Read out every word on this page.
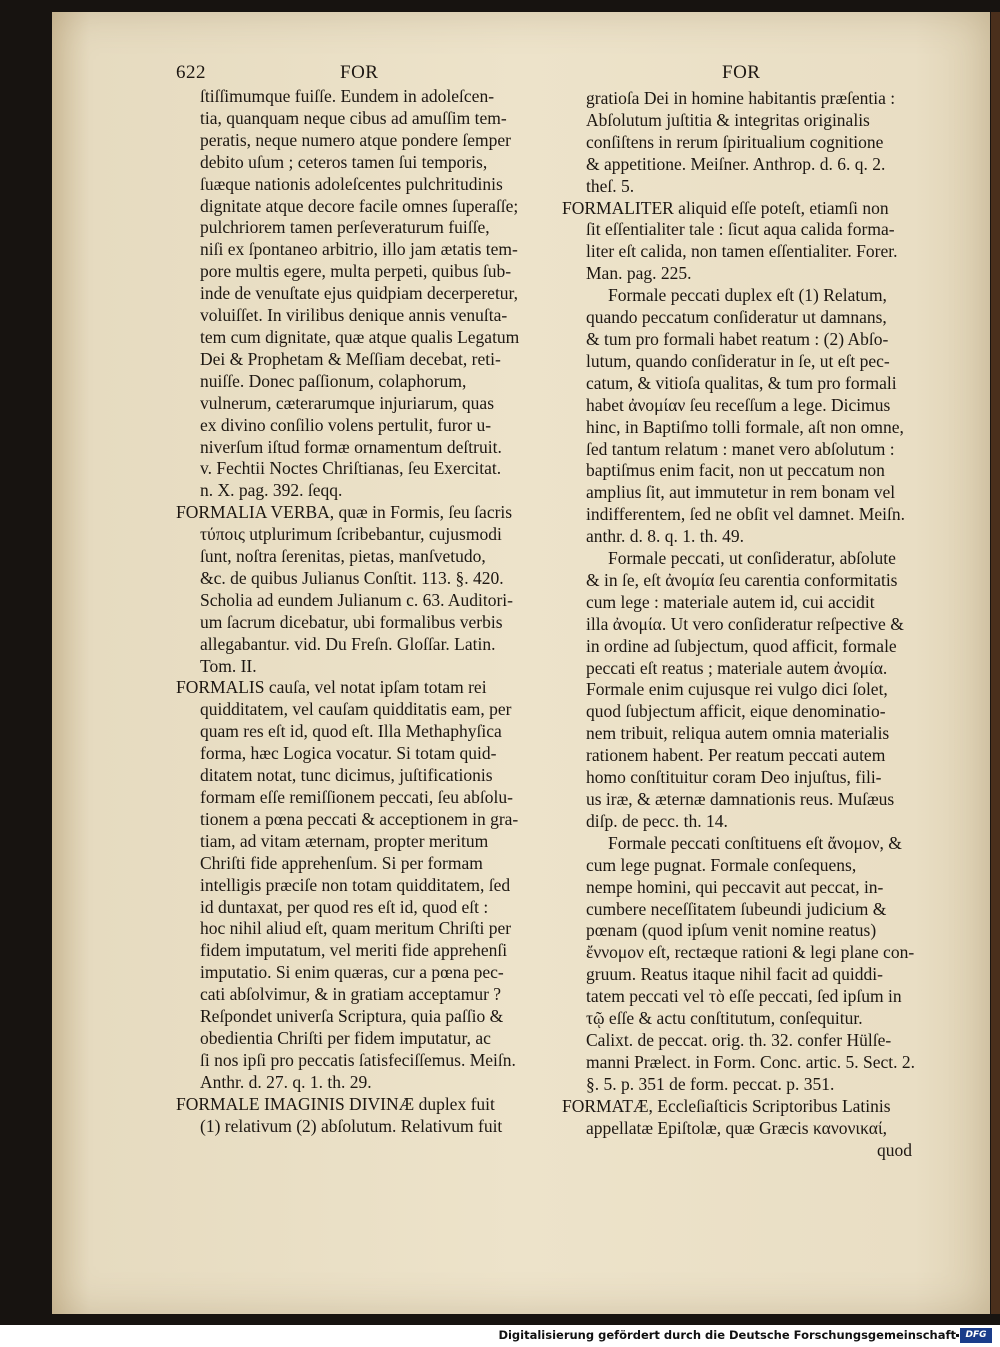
622	FOR	FOR
ſtiſſimumque fuiſſe. Eundem in adoleſcen-
tia, quanquam neque cibus ad amuſſim tem-
peratis, neque numero atque pondere ſemper
debito uſum ; ceteros tamen ſui temporis,
ſuæque nationis adoleſcentes pulchritudinis
dignitate atque decore facile omnes ſuperaſſe;
pulchriorem tamen perſeveraturum fuiſſe,
niſi ex ſpontaneo arbitrio, illo jam ætatis tem-
pore multis egere, multa perpeti, quibus ſub-
inde de venuſtate ejus quidpiam decerperetur,
voluiſſet. In virilibus denique annis venuſta-
tem cum dignitate, quæ atque qualis Legatum
Dei & Prophetam & Meſſiam decebat, reti-
nuiſſe. Donec paſſionum, colaphorum,
vulnerum, cæterarumque injuriarum, quas
ex divino conſilio volens pertulit, furor u-
niverſum iſtud formæ ornamentum deſtruit.
v. Fechtii Noctes Chriſtianas, ſeu Exercitat.
n. X. pag. 392. ſeqq.
FORMALIA VERBA, quæ in Formis, ſeu ſacris
τύποις utplurimum ſcribebantur, cujusmodi
ſunt, noſtra ſerenitas, pietas, manſvetudo,
&c. de quibus Julianus Conſtit. 113. §. 420.
Scholia ad eundem Julianum c. 63. Auditori-
um ſacrum dicebatur, ubi formalibus verbis
allegabantur. vid. Du Freſn. Gloſſar. Latin.
Tom. II.
FORMALIS cauſa, vel notat ipſam totam rei
quidditatem, vel cauſam quidditatis eam, per
quam res eſt id, quod eſt. Illa Methaphyſica
forma, hæc Logica vocatur. Si totam quid-
ditatem notat, tunc dicimus, juſtificationis
formam eſſe remiſſionem peccati, ſeu abſolu-
tionem a pœna peccati & acceptionem in gra-
tiam, ad vitam æternam, propter meritum
Chriſti fide apprehenſum. Si per formam
intelligis præciſe non totam quidditatem, ſed
id duntaxat, per quod res eſt id, quod eſt :
hoc nihil aliud eſt, quam meritum Chriſti per
fidem imputatum, vel meriti fide apprehenſi
imputatio. Si enim quæras, cur a pœna pec-
cati abſolvimur, & in gratiam acceptamur ?
Reſpondet univerſa Scriptura, quia paſſio &
obedientia Chriſti per fidem imputatur, ac
ſi nos ipſi pro peccatis ſatisfeciſſemus. Meiſn.
Anthr. d. 27. q. 1. th. 29.
FORMALE IMAGINIS DIVINÆ duplex fuit
(1) relativum (2) abſolutum. Relativum fuit
gratioſa Dei in homine habitantis præſentia :
Abſolutum juſtitia & integritas originalis
conſiſtens in rerum ſpiritualium cognitione
& appetitione. Meiſner. Anthrop. d. 6. q. 2.
theſ. 5.
FORMALITER aliquid eſſe poteſt, etiamſi non
ſit eſſentialiter tale : ſicut aqua calida forma-
liter eſt calida, non tamen eſſentialiter. Forer.
Man. pag. 225.
Formale peccati duplex eſt (1) Relatum,
quando peccatum conſideratur ut damnans,
& tum pro formali habet reatum : (2) Abſo-
lutum, quando conſideratur in ſe, ut eſt pec-
catum, & vitioſa qualitas, & tum pro formali
habet ἀνομίαν ſeu receſſum a lege. Dicimus
hinc, in Baptiſmo tolli formale, aſt non omne,
ſed tantum relatum : manet vero abſolutum :
baptiſmus enim facit, non ut peccatum non
amplius ſit, aut immutetur in rem bonam vel
indifferentem, ſed ne obſit vel damnet. Meiſn.
anthr. d. 8. q. 1. th. 49.
Formale peccati, ut conſideratur, abſolute
& in ſe, eſt ἀνομία ſeu carentia conformitatis
cum lege : materiale autem id, cui accidit
illa ἀνομία. Ut vero conſideratur reſpective &
in ordine ad ſubjectum, quod afficit, formale
peccati eſt reatus ; materiale autem ἀνομία.
Formale enim cujusque rei vulgo dici ſolet,
quod ſubjectum afficit, eique denominatio-
nem tribuit, reliqua autem omnia materialis
rationem habent. Per reatum peccati autem
homo conſtituitur coram Deo injuſtus, fili-
us iræ, & æternæ damnationis reus. Muſæus
diſp. de pecc. th. 14.
Formale peccati conſtituens eſt ἄνομον, &
cum lege pugnat. Formale conſequens,
nempe homini, qui peccavit aut peccat, in-
cumbere neceſſitatem ſubeundi judicium &
pœnam (quod ipſum venit nomine reatus)
ἔννομον eſt, rectæque rationi & legi plane con-
gruum. Reatus itaque nihil facit ad quiddi-
tatem peccati vel τὸ eſſe peccati, ſed ipſum in
τῷ eſſe & actu conſtitutum, conſequitur.
Calixt. de peccat. orig. th. 32. confer Hülſe-
manni Prælect. in Form. Conc. artic. 5. Sect. 2.
§. 5. p. 351 de form. peccat. p. 351.
FORMATÆ, Eccleſiaſticis Scriptoribus Latinis
appellatæ Epiſtolæ, quæ Græcis κανονικαί,
quod
Digitalisierung gefördert durch die Deutsche Forschungsgemeinschaft	DFG
